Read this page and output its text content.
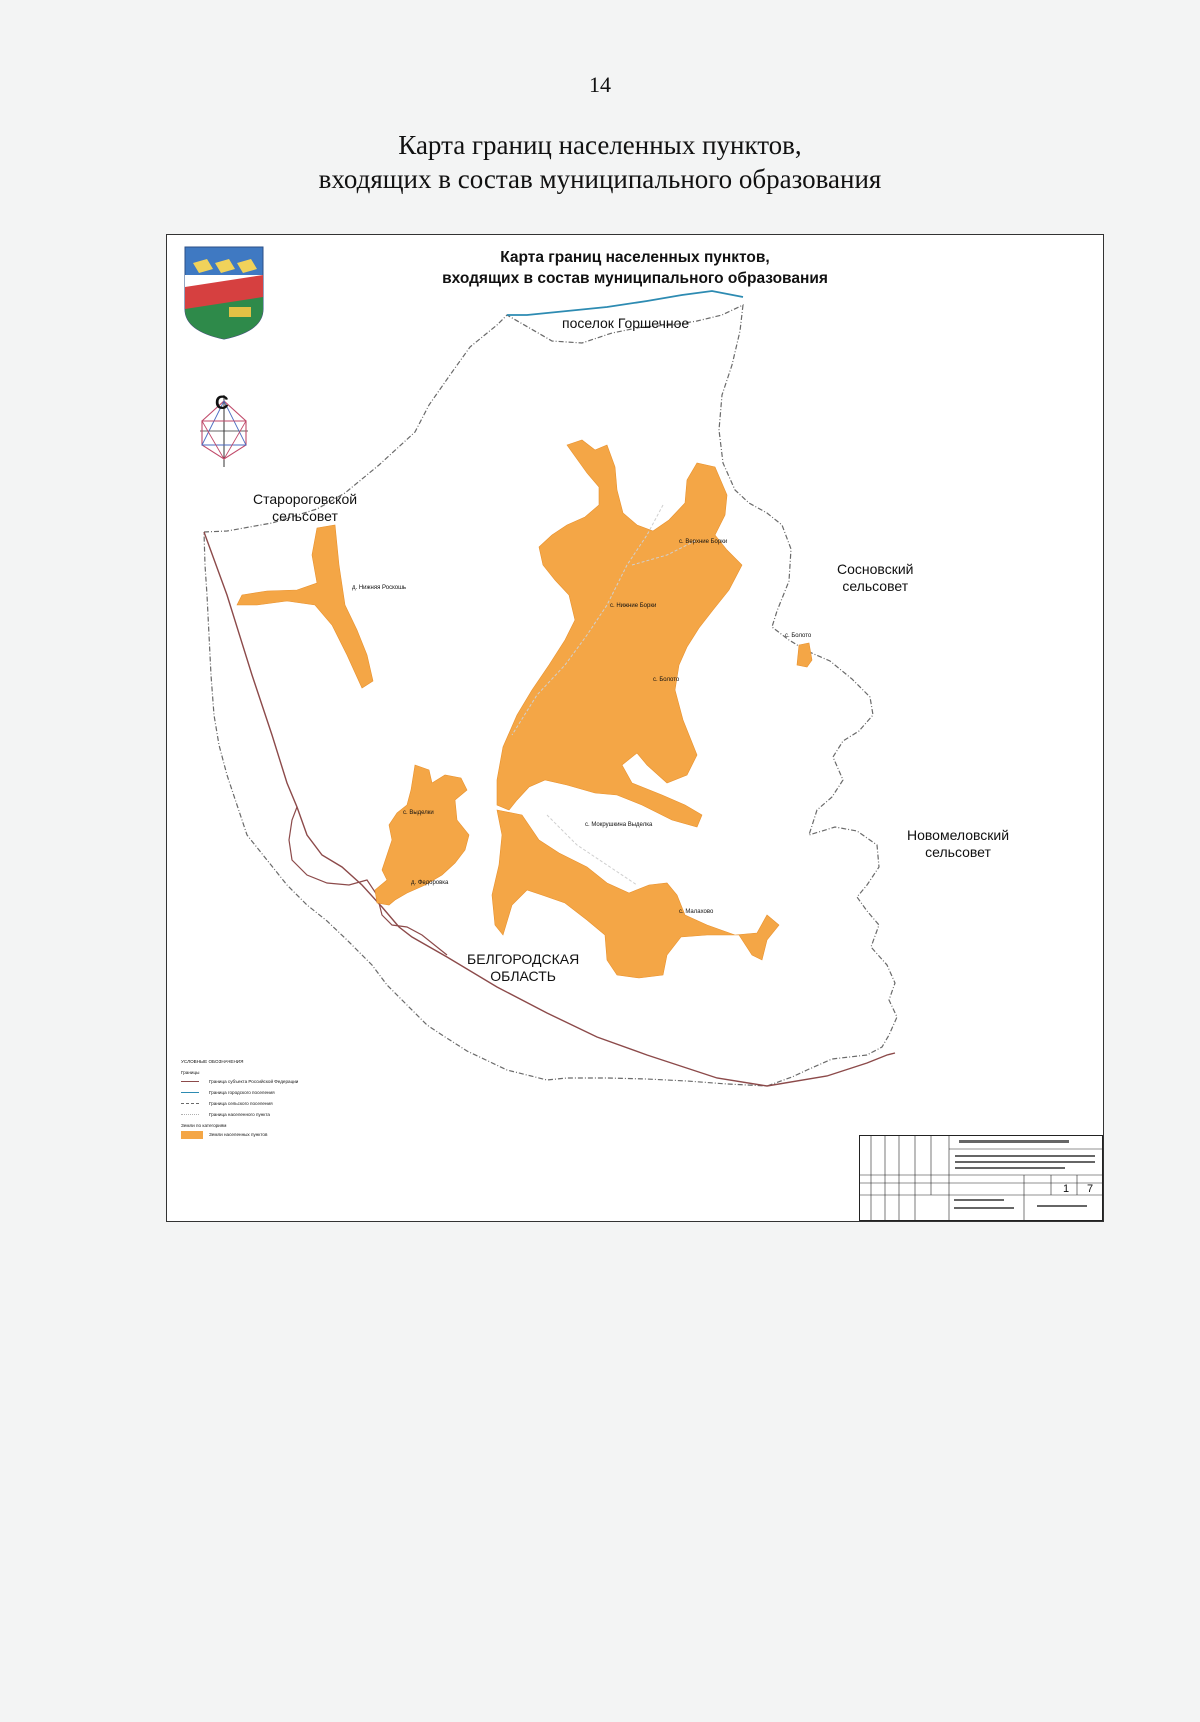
14
Карта границ населенных пунктов,
входящих в состав муниципального образования
Карта границ населенных пунктов,
входящих в состав муниципального образования
С
поселок Горшечное
Старороговской
сельсовет
Сосновский
сельсовет
Новомеловский
сельсовет
БЕЛГОРОДСКАЯ
ОБЛАСТЬ
с. Верхние Борки
с. Нижние Борки
д. Нижняя Роскошь
с. Болото
с. Болото
с. Выделки
с. Мокрушкина Выделка
д. Федоровка
с. Малахово
УСЛОВНЫЕ ОБОЗНАЧЕНИЯ
Границы
Граница субъекта Российской Федерации
Граница городского поселения
Граница сельского поселения
Граница населенного пункта
Земли по категориям
Земли населенных пунктов
1	7
